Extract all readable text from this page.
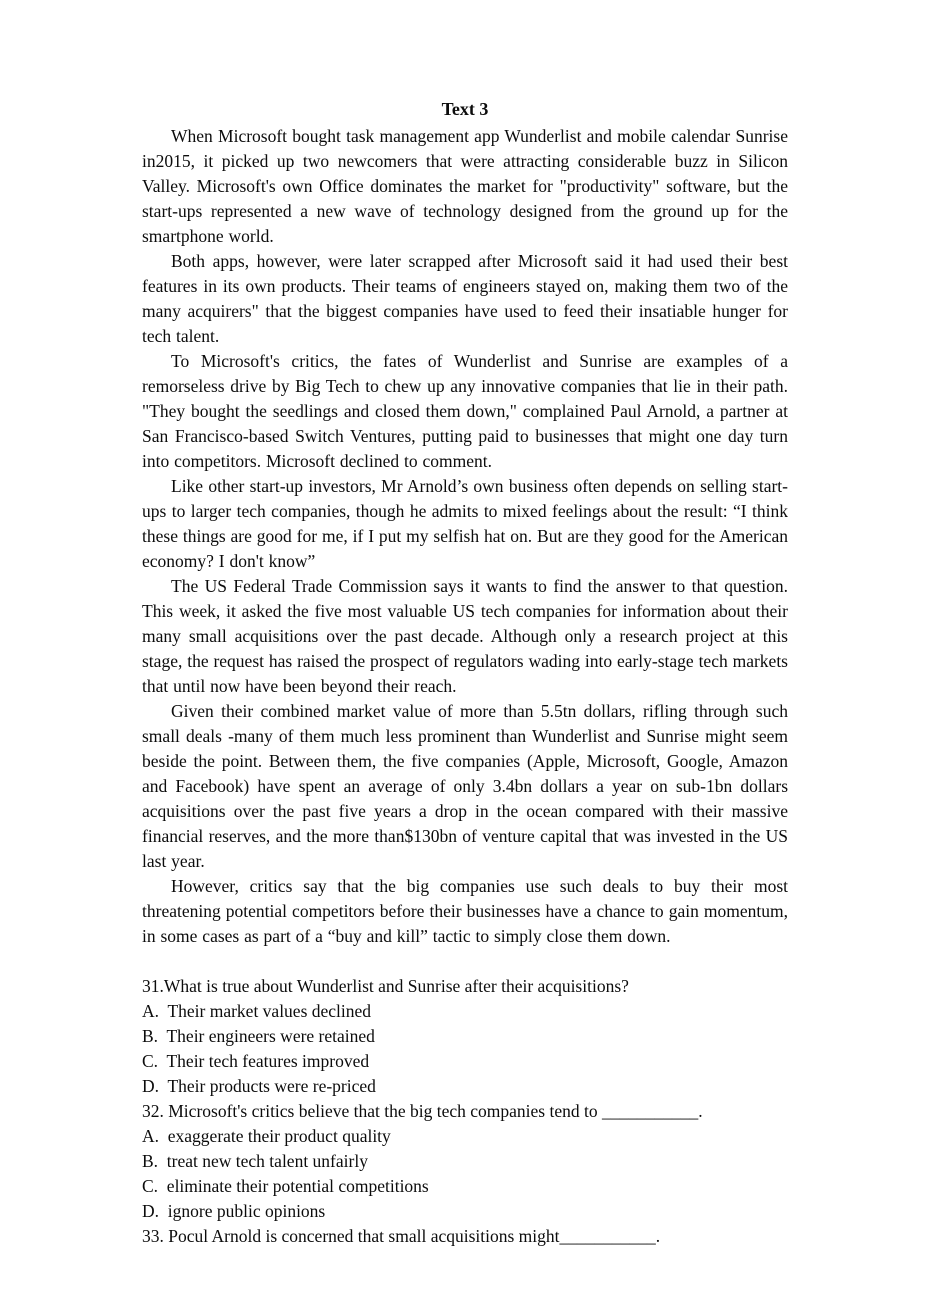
Text 3

When Microsoft bought task management app Wunderlist and mobile calendar Sunrise in2015, it picked up two newcomers that were attracting considerable buzz in Silicon Valley. Microsoft's own Office dominates the market for "productivity" software, but the start-ups represented a new wave of technology designed from the ground up for the smartphone world.

Both apps, however, were later scrapped after Microsoft said it had used their best features in its own products. Their teams of engineers stayed on, making them two of the many acquirers" that the biggest companies have used to feed their insatiable hunger for tech talent.

To Microsoft's critics, the fates of Wunderlist and Sunrise are examples of a remorseless drive by Big Tech to chew up any innovative companies that lie in their path. "They bought the seedlings and closed them down," complained Paul Arnold, a partner at San Francisco-based Switch Ventures, putting paid to businesses that might one day turn into competitors. Microsoft declined to comment.

Like other start-up investors, Mr Arnold’s own business often depends on selling start-ups to larger tech companies, though he admits to mixed feelings about the result: “I think these things are good for me, if I put my selfish hat on. But are they good for the American economy? I don't know”

The US Federal Trade Commission says it wants to find the answer to that question. This week, it asked the five most valuable US tech companies for information about their many small acquisitions over the past decade. Although only a research project at this stage, the request has raised the prospect of regulators wading into early-stage tech markets that until now have been beyond their reach.

Given their combined market value of more than 5.5tn dollars, rifling through such small deals -many of them much less prominent than Wunderlist and Sunrise might seem beside the point. Between them, the five companies (Apple, Microsoft, Google, Amazon and Facebook) have spent an average of only 3.4bn dollars a year on sub-1bn dollars acquisitions over the past five years a drop in the ocean compared with their massive financial reserves, and the more than$130bn of venture capital that was invested in the US last year.

However, critics say that the big companies use such deals to buy their most threatening potential competitors before their businesses have a chance to gain momentum, in some cases as part of a “buy and kill” tactic to simply close them down.

31.What is true about Wunderlist and Sunrise after their acquisitions?

A.  Their market values declined

B.  Their engineers were retained

C.  Their tech features improved

D.  Their products were re-priced

32. Microsoft's critics believe that the big tech companies tend to ___________.

A.  exaggerate their product quality

B.  treat new tech talent unfairly

C.  eliminate their potential competitions

D.  ignore public opinions

33. Pocul Arnold is concerned that small acquisitions might___________.
